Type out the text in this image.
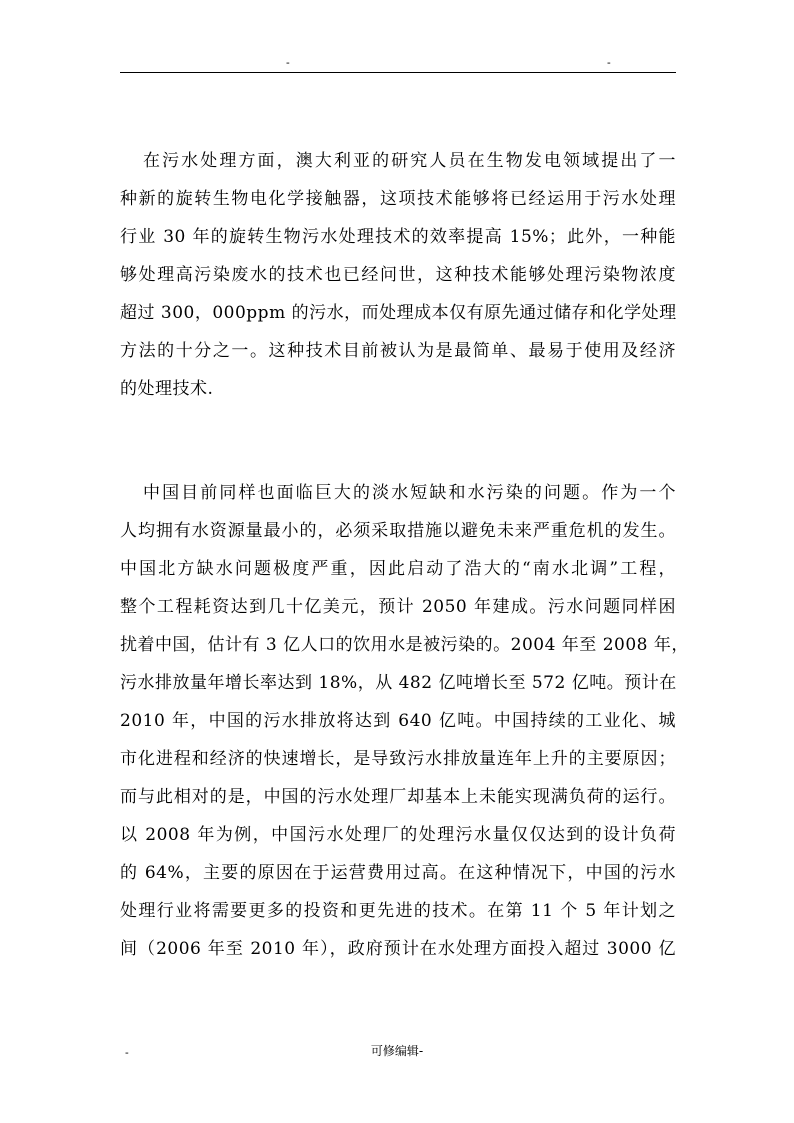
-	-
在污水处理方面，澳大利亚的研究人员在生物发电领域提出了一
种新的旋转生物电化学接触器，这项技术能够将已经运用于污水处理
行业 30 年的旋转生物污水处理技术的效率提高 15%；此外，一种能
够处理高污染废水的技术也已经问世，这种技术能够处理污染物浓度
超过 300，000ppm 的污水，而处理成本仅有原先通过储存和化学处理
方法的十分之一。这种技术目前被认为是最简单、最易于使用及经济
的处理技术.
中国目前同样也面临巨大的淡水短缺和水污染的问题。作为一个
人均拥有水资源量最小的，必须采取措施以避免未来严重危机的发生。
中国北方缺水问题极度严重，因此启动了浩大的“南水北调”工程，
整个工程耗资达到几十亿美元，预计 2050 年建成。污水问题同样困
扰着中国，估计有 3 亿人口的饮用水是被污染的。2004 年至 2008 年，
污水排放量年增长率达到 18%，从 482 亿吨增长至 572 亿吨。预计在
2010 年，中国的污水排放将达到 640 亿吨。中国持续的工业化、城
市化进程和经济的快速增长，是导致污水排放量连年上升的主要原因；
而与此相对的是，中国的污水处理厂却基本上未能实现满负荷的运行。
以 2008 年为例，中国污水处理厂的处理污水量仅仅达到的设计负荷
的 64%，主要的原因在于运营费用过高。在这种情况下，中国的污水
处理行业将需要更多的投资和更先进的技术。在第 11 个 5 年计划之
间（2006 年至 2010 年），政府预计在水处理方面投入超过 3000 亿
-	可修编辑-
